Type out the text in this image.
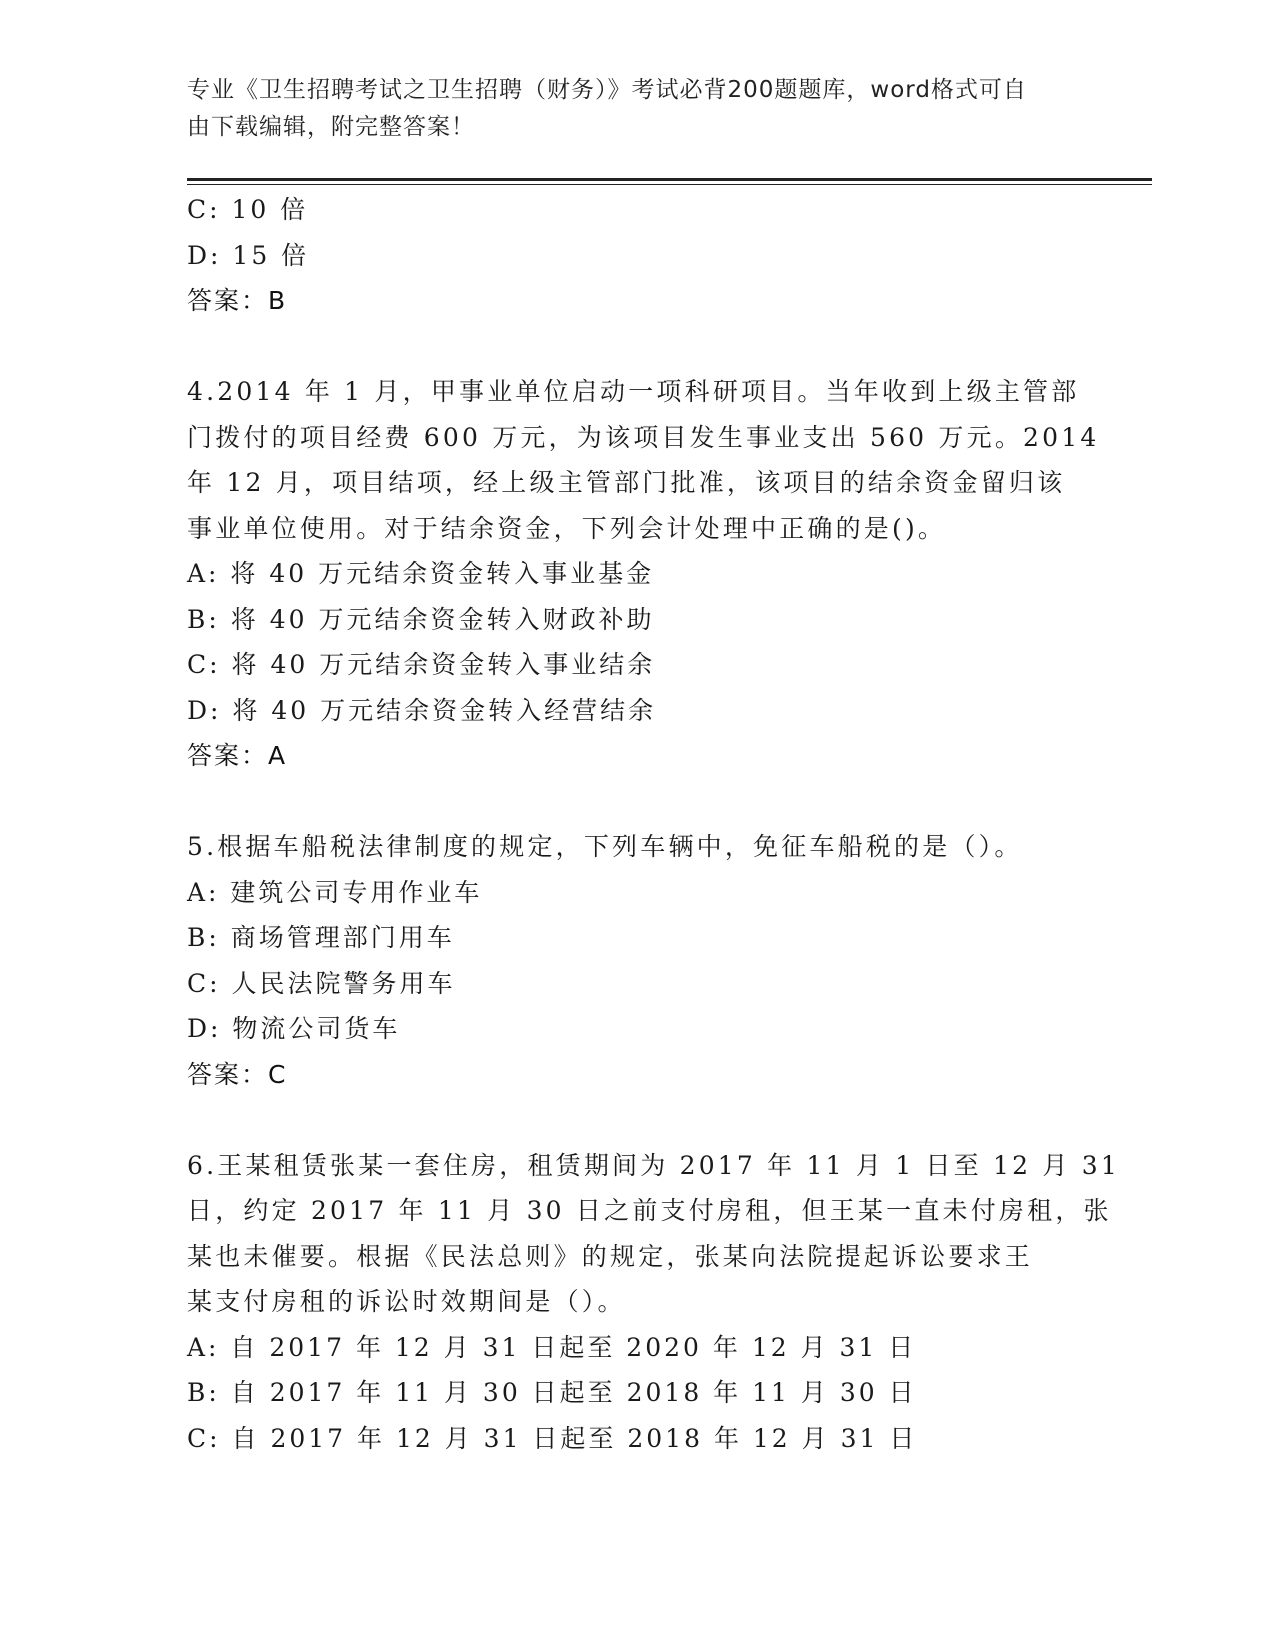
专业《卫生招聘考试之卫生招聘（财务）》考试必背200题题库，word格式可自
由下载编辑，附完整答案！
C: 10 倍
D: 15 倍
答案：B
4.2014 年 1 月，甲事业单位启动一项科研项目。当年收到上级主管部
门拨付的项目经费 600 万元，为该项目发生事业支出 560 万元。2014
年 12 月，项目结项，经上级主管部门批准，该项目的结余资金留归该
事业单位使用。对于结余资金，下列会计处理中正确的是()。
A: 将 40 万元结余资金转入事业基金
B: 将 40 万元结余资金转入财政补助
C: 将 40 万元结余资金转入事业结余
D: 将 40 万元结余资金转入经营结余
答案：A
5.根据车船税法律制度的规定，下列车辆中，免征车船税的是（）。
A: 建筑公司专用作业车
B: 商场管理部门用车
C: 人民法院警务用车
D: 物流公司货车
答案：C
6.王某租赁张某一套住房，租赁期间为 2017 年 11 月 1 日至 12 月 31
日，约定 2017 年 11 月 30 日之前支付房租，但王某一直未付房租，张
某也未催要。根据《民法总则》的规定，张某向法院提起诉讼要求王
某支付房租的诉讼时效期间是（）。
A: 自 2017 年 12 月 31 日起至 2020 年 12 月 31 日
B: 自 2017 年 11 月 30 日起至 2018 年 11 月 30 日
C: 自 2017 年 12 月 31 日起至 2018 年 12 月 31 日
